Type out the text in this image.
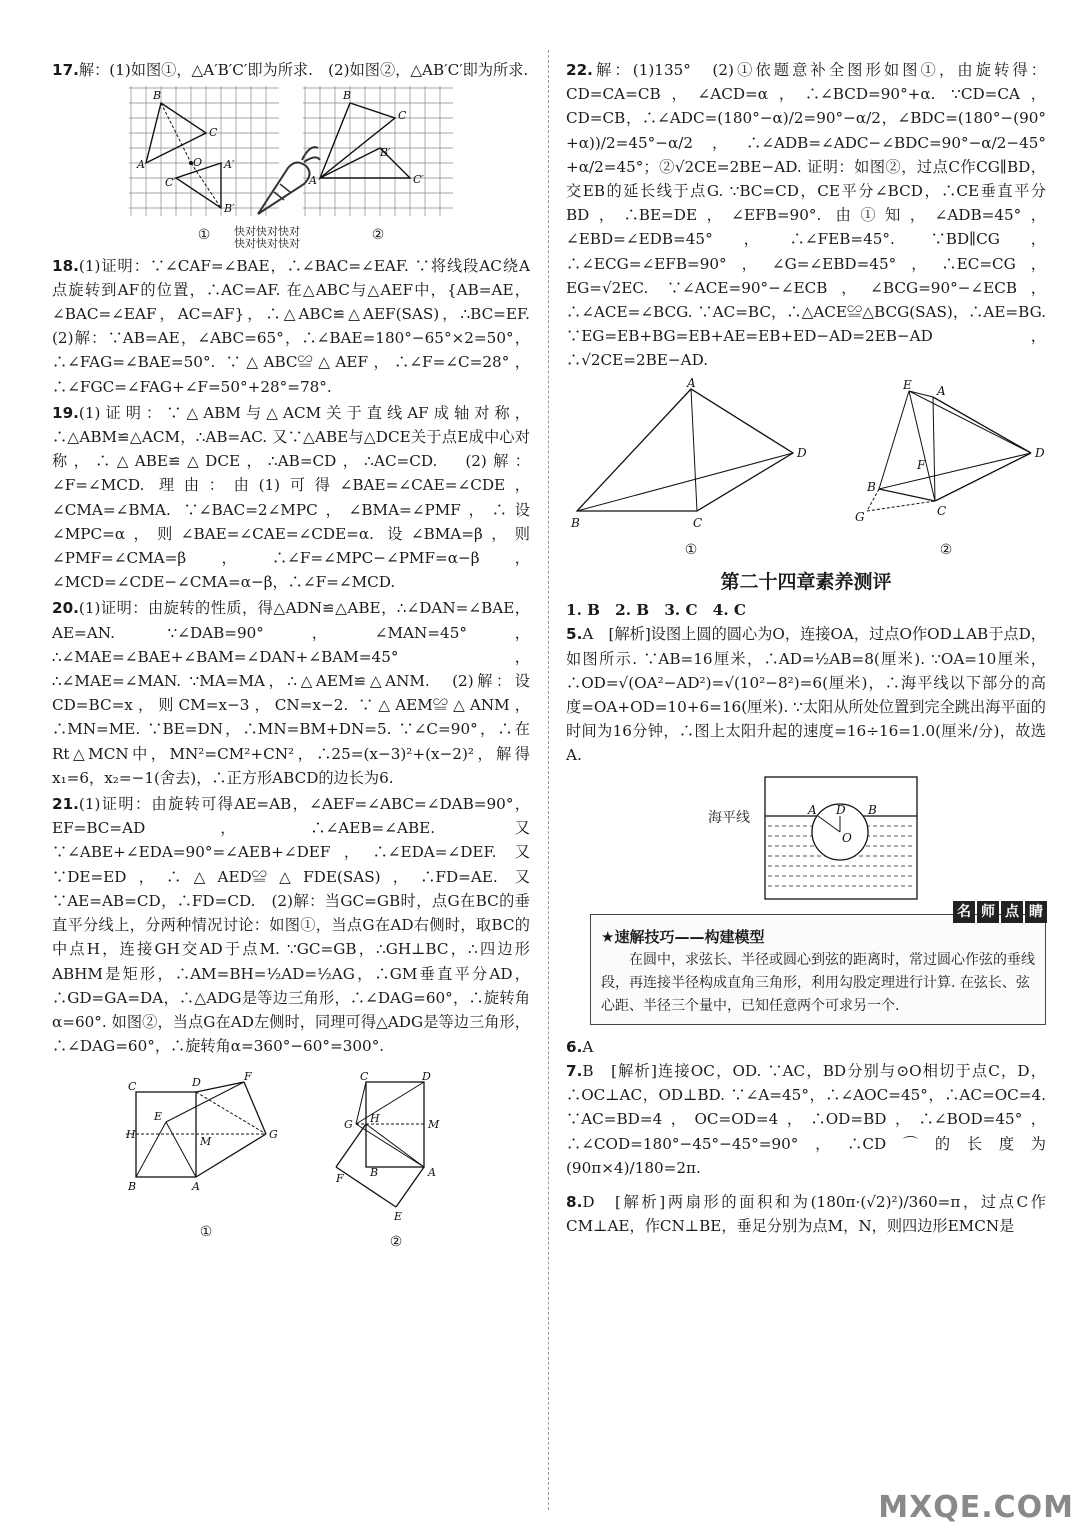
17.解：(1)如图①，△A′B′C′即为所求.　(2)如图②，△AB′C′即为所求.

B
C
A	O A′
C′
B′
①
B
C
A
B′
C′
②
快对快对快对
快对快对快对

18.(1)证明：∵∠CAF=∠BAE，∴∠BAC=∠EAF. ∵将线段AC绕A点旋转到AF的位置，∴AC=AF. 在△ABC与△AEF中，{AB=AE，∠BAC=∠EAF，AC=AF}，∴△ABC≌△AEF(SAS)，∴BC=EF.　(2)解：∵AB=AE，∠ABC=65°，∴∠BAE=180°−65°×2=50°，∴∠FAG=∠BAE=50°. ∵△ABC≌△AEF，∴∠F=∠C=28°，∴∠FGC=∠FAG+∠F=50°+28°=78°.

19.(1)证明：∵△ABM与△ACM关于直线AF成轴对称，∴△ABM≌△ACM，∴AB=AC. 又∵△ABE与△DCE关于点E成中心对称，∴△ABE≌△DCE，∴AB=CD，∴AC=CD.　(2)解：∠F=∠MCD. 理由：由(1)可得∠BAE=∠CAE=∠CDE，∠CMA=∠BMA. ∵∠BAC=2∠MPC，∠BMA=∠PMF，∴设∠MPC=α，则∠BAE=∠CAE=∠CDE=α. 设∠BMA=β，则∠PMF=∠CMA=β，∴∠F=∠MPC−∠PMF=α−β，∠MCD=∠CDE−∠CMA=α−β，∴∠F=∠MCD.

20.(1)证明：由旋转的性质，得△ADN≌△ABE，∴∠DAN=∠BAE，AE=AN. ∵∠DAB=90°，∠MAN=45°，∴∠MAE=∠BAE+∠BAM=∠DAN+∠BAM=45°，∴∠MAE=∠MAN. ∵MA=MA，∴△AEM≌△ANM.　(2)解：设CD=BC=x，则CM=x−3，CN=x−2. ∵△AEM≌△ANM，∴MN=ME. ∵BE=DN，∴MN=BM+DN=5. ∵∠C=90°，∴在Rt△MCN中，MN²=CM²+CN²，∴25=(x−3)²+(x−2)²，解得x₁=6，x₂=−1(舍去)，∴正方形ABCD的边长为6.

21.(1)证明：由旋转可得AE=AB，∠AEF=∠ABC=∠DAB=90°，EF=BC=AD，∴∠AEB=∠ABE. 又∵∠ABE+∠EDA=90°=∠AEB+∠DEF，∴∠EDA=∠DEF. 又∵DE=ED，∴△AED≌△FDE(SAS)，∴FD=AE. 又∵AE=AB=CD，∴FD=CD.　(2)解：当GC=GB时，点G在BC的垂直平分线上，分两种情况讨论：如图①，当点G在AD右侧时，取BC的中点H，连接GH交AD于点M. ∵GC=GB，∴GH⊥BC，∴四边形ABHM是矩形，∴AM=BH=½AD=½AG，∴GM垂直平分AD，∴GD=GA=DA，∴△ADG是等边三角形，∴∠DAG=60°，∴旋转角α=60°. 如图②，当点G在AD左侧时，同理可得△ADG是等边三角形，∴∠DAG=60°，∴旋转角α=360°−60°=300°.

C	D	F
H
E
M
G
B	A
①
C	D
G H	M
F B	A
E
②

22.解：(1)135°　(2)①依题意补全图形如图①，由旋转得：CD=CA=CB，∠ACD=α，∴∠BCD=90°+α. ∵CD=CA，CD=CB，∴∠ADC=(180°−α)/2=90°−α/2，∠BDC=(180°−(90°+α))/2=45°−α/2，∴∠ADB=∠ADC−∠BDC=90°−α/2−45°+α/2=45°；②√2CE=2BE−AD. 证明：如图②，过点C作CG∥BD，交EB的延长线于点G. ∵BC=CD，CE平分∠BCD，∴CE垂直平分BD，∴BE=DE，∠EFB=90°. 由①知，∠ADB=45°，∠EBD=∠EDB=45°，∴∠FEB=45°. ∵BD∥CG，∴∠ECG=∠EFB=90°，∠G=∠EBD=45°，∴EC=CG，EG=√2EC. ∵∠ACE=90°−∠ECB，∠BCG=90°−∠ECB，∴∠ACE=∠BCG. ∵AC=BC，∴△ACE≌△BCG(SAS)，∴AE=BG. ∵EG=EB+BG=EB+AE=EB+ED−AD=2EB−AD，∴√2CE=2BE−AD.

A
B	C
D
①
E A
D
F
B
C
G
②
第二十四章素养测评

1. B　2. B　3. C　4. C

5.A　[解析]设图上圆的圆心为O，连接OA，过点O作OD⊥AB于点D，如图所示. ∵AB=16厘米，∴AD=½AB=8(厘米). ∵OA=10厘米，∴OD=√(OA²−AD²)=√(10²−8²)=6(厘米)，∴海平线以下部分的高度=OA+OD=10+6=16(厘米). ∵太阳从所处位置到完全跳出海平面的时间为16分钟，∴图上太阳升起的速度=16÷16=1.0(厘米/分)，故选A.

海平线	A D B
O
名 师 点 睛
★速解技巧——构建模型
在圆中，求弦长、半径或圆心到弦的距离时，常过圆心作弦的垂线段，再连接半径构成直角三角形，利用勾股定理进行计算. 在弦长、弦心距、半径三个量中，已知任意两个可求另一个.

6.A

7.B　[解析]连接OC，OD. ∵AC，BD分别与⊙O相切于点C，D，∴OC⊥AC，OD⊥BD. ∵∠A=45°，∴∠AOC=45°，∴AC=OC=4. ∵AC=BD=4，OC=OD=4，∴OD=BD，∴∠BOD=45°，∴∠COD=180°−45°−45°=90°，∴CD⌒的长度为(90π×4)/180=2π.

8.D　[解析]两扇形的面积和为(180π·(√2)²)/360=π，过点C作CM⊥AE，作CN⊥BE，垂足分别为点M，N，则四边形EMCN是

MXQE.COM
